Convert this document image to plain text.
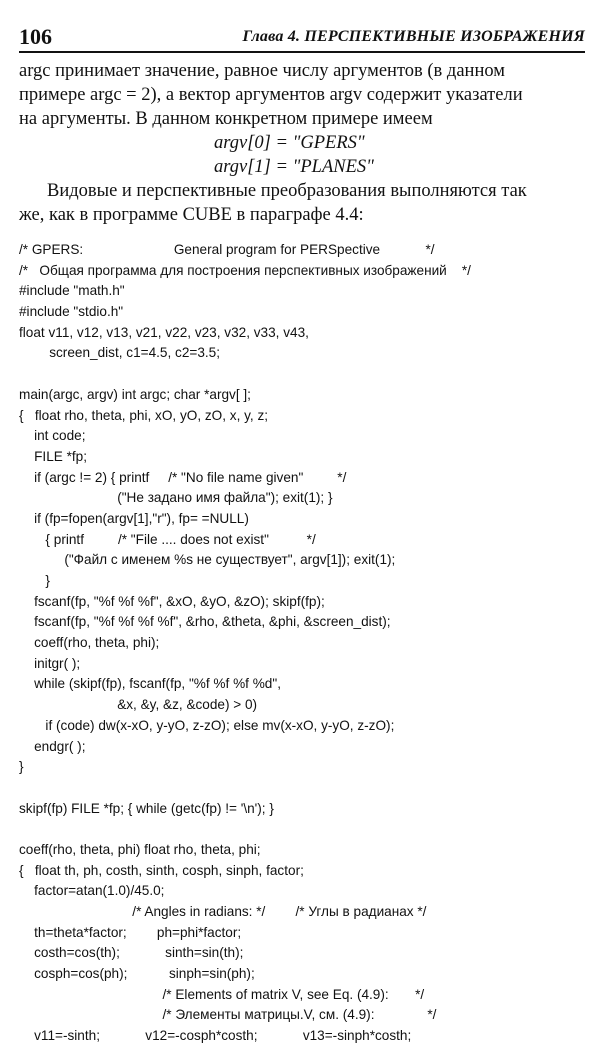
106	Глава 4. ПЕРСПЕКТИВНЫЕ ИЗОБРАЖЕНИЯ

argc принимает значение, равное числу аргументов (в данном

примере argc = 2), а вектор аргументов argv содержит указатели

на аргументы. В данном конкретном примере имеем

argv[0] = "GPERS"

argv[1] = "PLANES"

Видовые и перспективные преобразования выполняются так

же, как в программе CUBE в параграфе 4.4:

/* GPERS:                        General program for PERSpective            */
/*   Общая программа для построения перспективных изображений    */
#include "math.h"
#include "stdio.h"
float v11, v12, v13, v21, v22, v23, v32, v33, v43,
screen_dist, c1=4.5, c2=3.5;
main(argc, argv) int argc; char *argv[ ];
{   float rho, theta, phi, xO, yO, zO, x, y, z;
int code;
FILE *fp;
if (argc != 2) { printf     /* "No file name given"         */
("Не задано имя файла"); exit(1); }
if (fp=fopen(argv[1],"r"), fp= =NULL)
{ printf         /* "File .... does not exist"          */
("Файл с именем %s не существует", argv[1]); exit(1);
}
fscanf(fp, "%f %f %f", &xO, &yO, &zO); skipf(fp);
fscanf(fp, "%f %f %f %f", &rho, &theta, &phi, &screen_dist);
coeff(rho, theta, phi);
initgr( );
while (skipf(fp), fscanf(fp, "%f %f %f %d",
&x, &y, &z, &code) > 0)
if (code) dw(x-xO, y-yO, z-zO); else mv(x-xO, y-yO, z-zO);
endgr( );
}
skipf(fp) FILE *fp; { while (getc(fp) != '\n'); }
coeff(rho, theta, phi) float rho, theta, phi;
{   float th, ph, costh, sinth, cosph, sinph, factor;
factor=atan(1.0)/45.0;
/* Angles in radians: */        /* Углы в радианах */
th=theta*factor;        ph=phi*factor;
costh=cos(th);            sinth=sin(th);
cosph=cos(ph);           sinph=sin(ph);
/* Elements of matrix V, see Eq. (4.9):       */
/* Элементы матрицы.V, см. (4.9):              */
v11=-sinth;            v12=-cosph*costh;            v13=-sinph*costh;
